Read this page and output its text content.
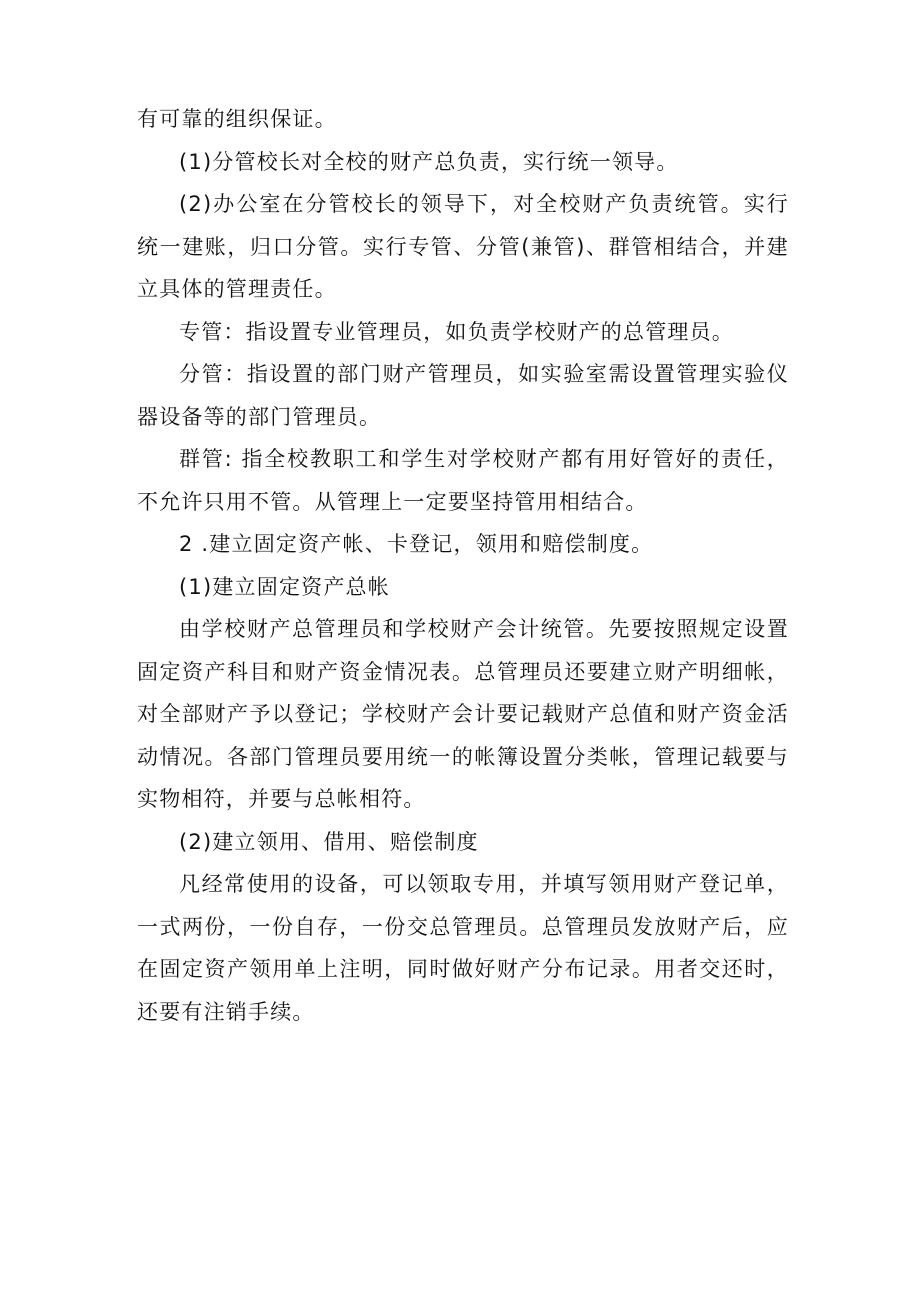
有可靠的组织保证。

(1)分管校长对全校的财产总负责，实行统一领导。

(2)办公室在分管校长的领导下，对全校财产负责统管。实行统一建账，归口分管。实行专管、分管(兼管)、群管相结合，并建立具体的管理责任。

专管：指设置专业管理员，如负责学校财产的总管理员。

分管：指设置的部门财产管理员，如实验室需设置管理实验仪器设备等的部门管理员。

群管: 指全校教职工和学生对学校财产都有用好管好的责任，不允许只用不管。从管理上一定要坚持管用相结合。

2 .建立固定资产帐、卡登记，领用和赔偿制度。

(1)建立固定资产总帐

由学校财产总管理员和学校财产会计统管。先要按照规定设置固定资产科目和财产资金情况表。总管理员还要建立财产明细帐，对全部财产予以登记；学校财产会计要记载财产总值和财产资金活动情况。各部门管理员要用统一的帐簿设置分类帐，管理记载要与实物相符，并要与总帐相符。

(2)建立领用、借用、赔偿制度

凡经常使用的设备，可以领取专用，并填写领用财产登记单，一式两份，一份自存，一份交总管理员。总管理员发放财产后，应在固定资产领用单上注明，同时做好财产分布记录。用者交还时，还要有注销手续。
